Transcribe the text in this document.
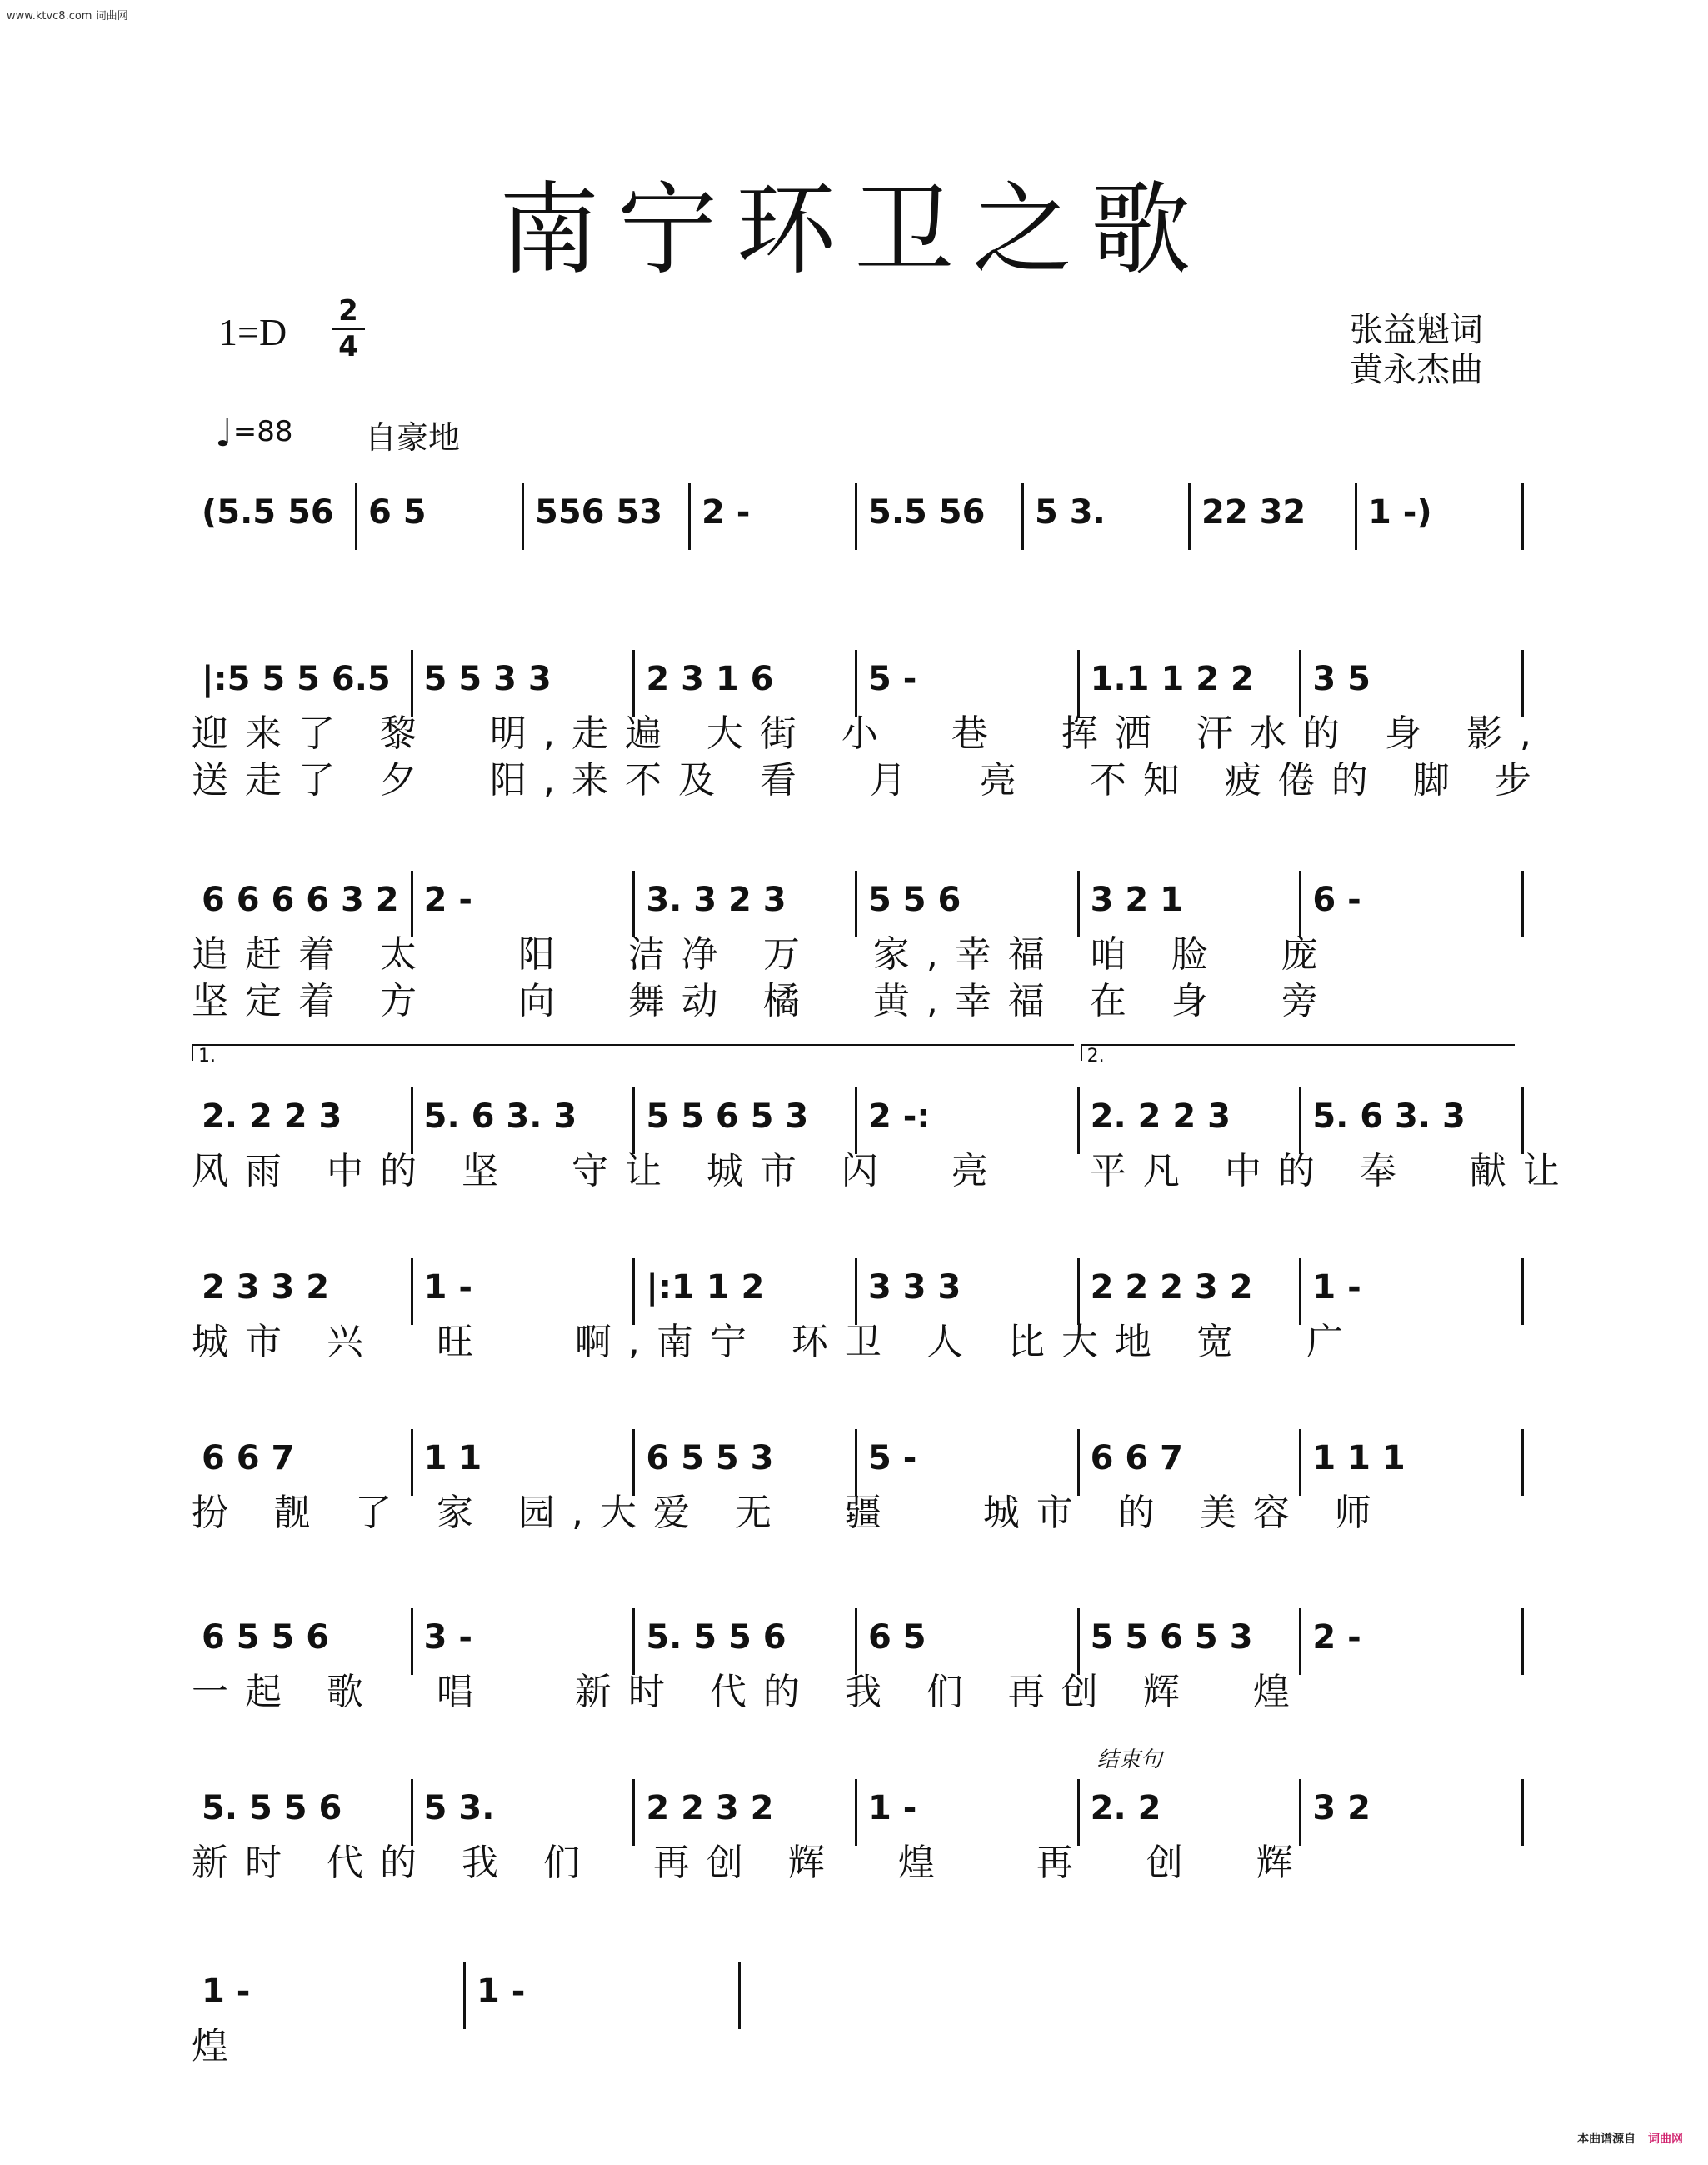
www.ktvc8.com 词曲网
本曲谱源自 词曲网
南宁环卫之歌
1=D 2
4	张益魁词
黄永杰曲
♩=88 自豪地
(5.5 56 6 5	556 53 2 -	5.5 56 5 3.	22 32 1 -)
|:5 5 5 6.5 5 5 3 3	2 3 1 6	5 -	1.1 1 2 2 3 5
迎来了 黎  明,走遍 大街 小  巷  挥洒 汗水的 身 影,
送走了 夕  阳,来不及 看  月  亮  不知 疲倦的 脚 步
6 6 6 6 3 2 2 -	3. 3 2 3 5 5 6	3 2 1	6 -
追赶着 太   阳  洁净 万  家,幸福 咱 脸  庞
坚定着 方   向  舞动 橘  黄,幸福 在 身  旁
2. 2 2 3 5. 6 3. 3 5 5 6 5 3 2 -:	2. 2 2 3 5. 6 3. 3
1.	2.
风雨 中的 坚  守让 城市 闪  亮   平凡 中的 奉  献让
2 3 3 2	1 -	|:1 1 2	3 3 3	2 2 2 3 2 1 -
城市 兴  旺   啊,南宁 环卫 人 比大地 宽  广
6 6 7	1 1	6 5 5 3	5 -	6 6 7	1 1 1
扮 靓 了 家 园,大爱 无  疆   城市 的 美容 师
6 5 5 6	3 -	5. 5 5 6 6 5	5 5 6 5 3 2 -
一起 歌  唱   新时 代的 我 们 再创 辉  煌
5. 5 5 6 5 3.	2 2 3 2	1 -	2. 2	3 2
结束句
新时 代的 我 们  再创 辉  煌   再  创  辉
1 -	1 -
煌
